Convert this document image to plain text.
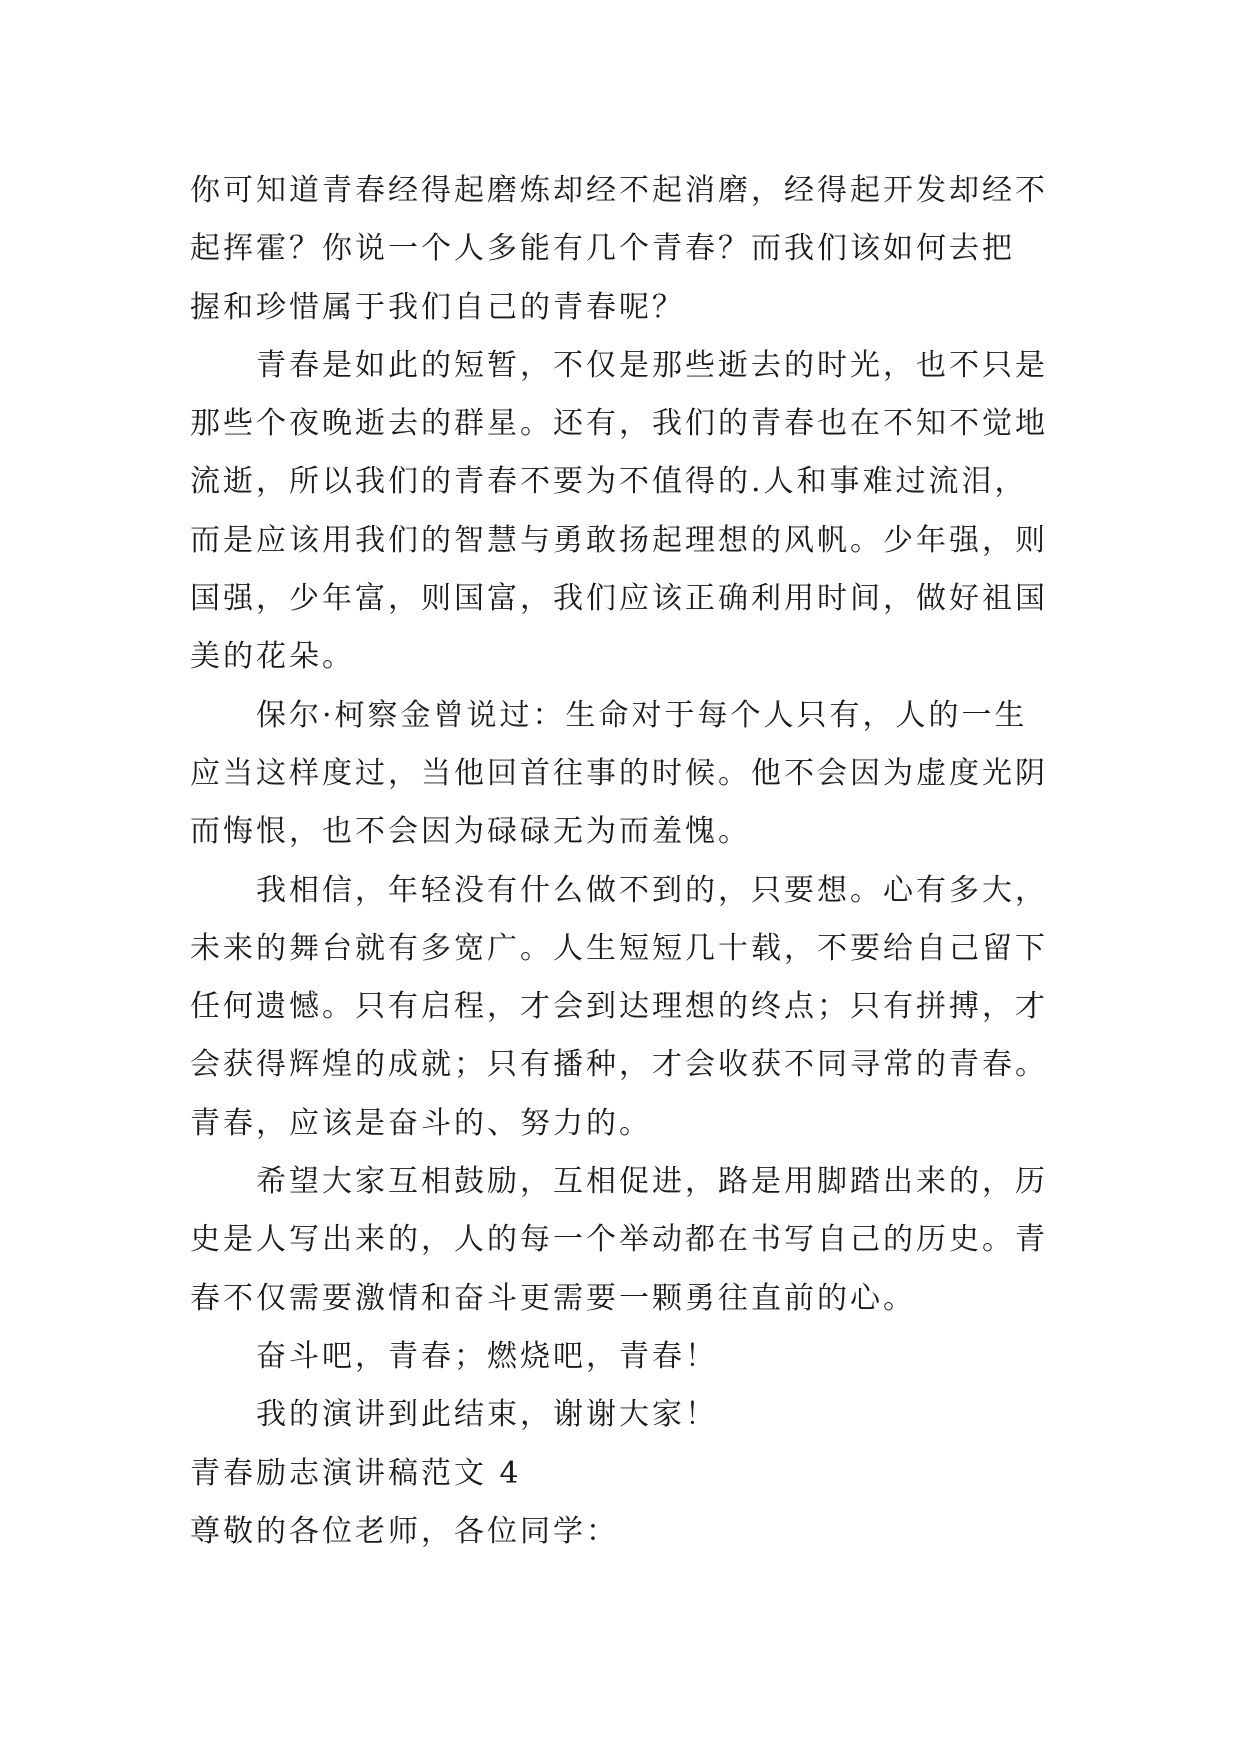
你可知道青春经得起磨炼却经不起消磨，经得起开发却经不
起挥霍？你说一个人多能有几个青春？而我们该如何去把
握和珍惜属于我们自己的青春呢？
青春是如此的短暂，不仅是那些逝去的时光，也不只是
那些个夜晚逝去的群星。还有，我们的青春也在不知不觉地
流逝，所以我们的青春不要为不值得的.人和事难过流泪，
而是应该用我们的智慧与勇敢扬起理想的风帆。少年强，则
国强，少年富，则国富，我们应该正确利用时间，做好祖国
美的花朵。
保尔·柯察金曾说过：生命对于每个人只有，人的一生
应当这样度过，当他回首往事的时候。他不会因为虚度光阴
而悔恨，也不会因为碌碌无为而羞愧。
我相信，年轻没有什么做不到的，只要想。心有多大，
未来的舞台就有多宽广。人生短短几十载，不要给自己留下
任何遗憾。只有启程，才会到达理想的终点；只有拼搏，才
会获得辉煌的成就；只有播种，才会收获不同寻常的青春。
青春，应该是奋斗的、努力的。
希望大家互相鼓励，互相促进，路是用脚踏出来的，历
史是人写出来的，人的每一个举动都在书写自己的历史。青
春不仅需要激情和奋斗更需要一颗勇往直前的心。
奋斗吧，青春；燃烧吧，青春！
我的演讲到此结束，谢谢大家！
青春励志演讲稿范文 4
尊敬的各位老师，各位同学：
